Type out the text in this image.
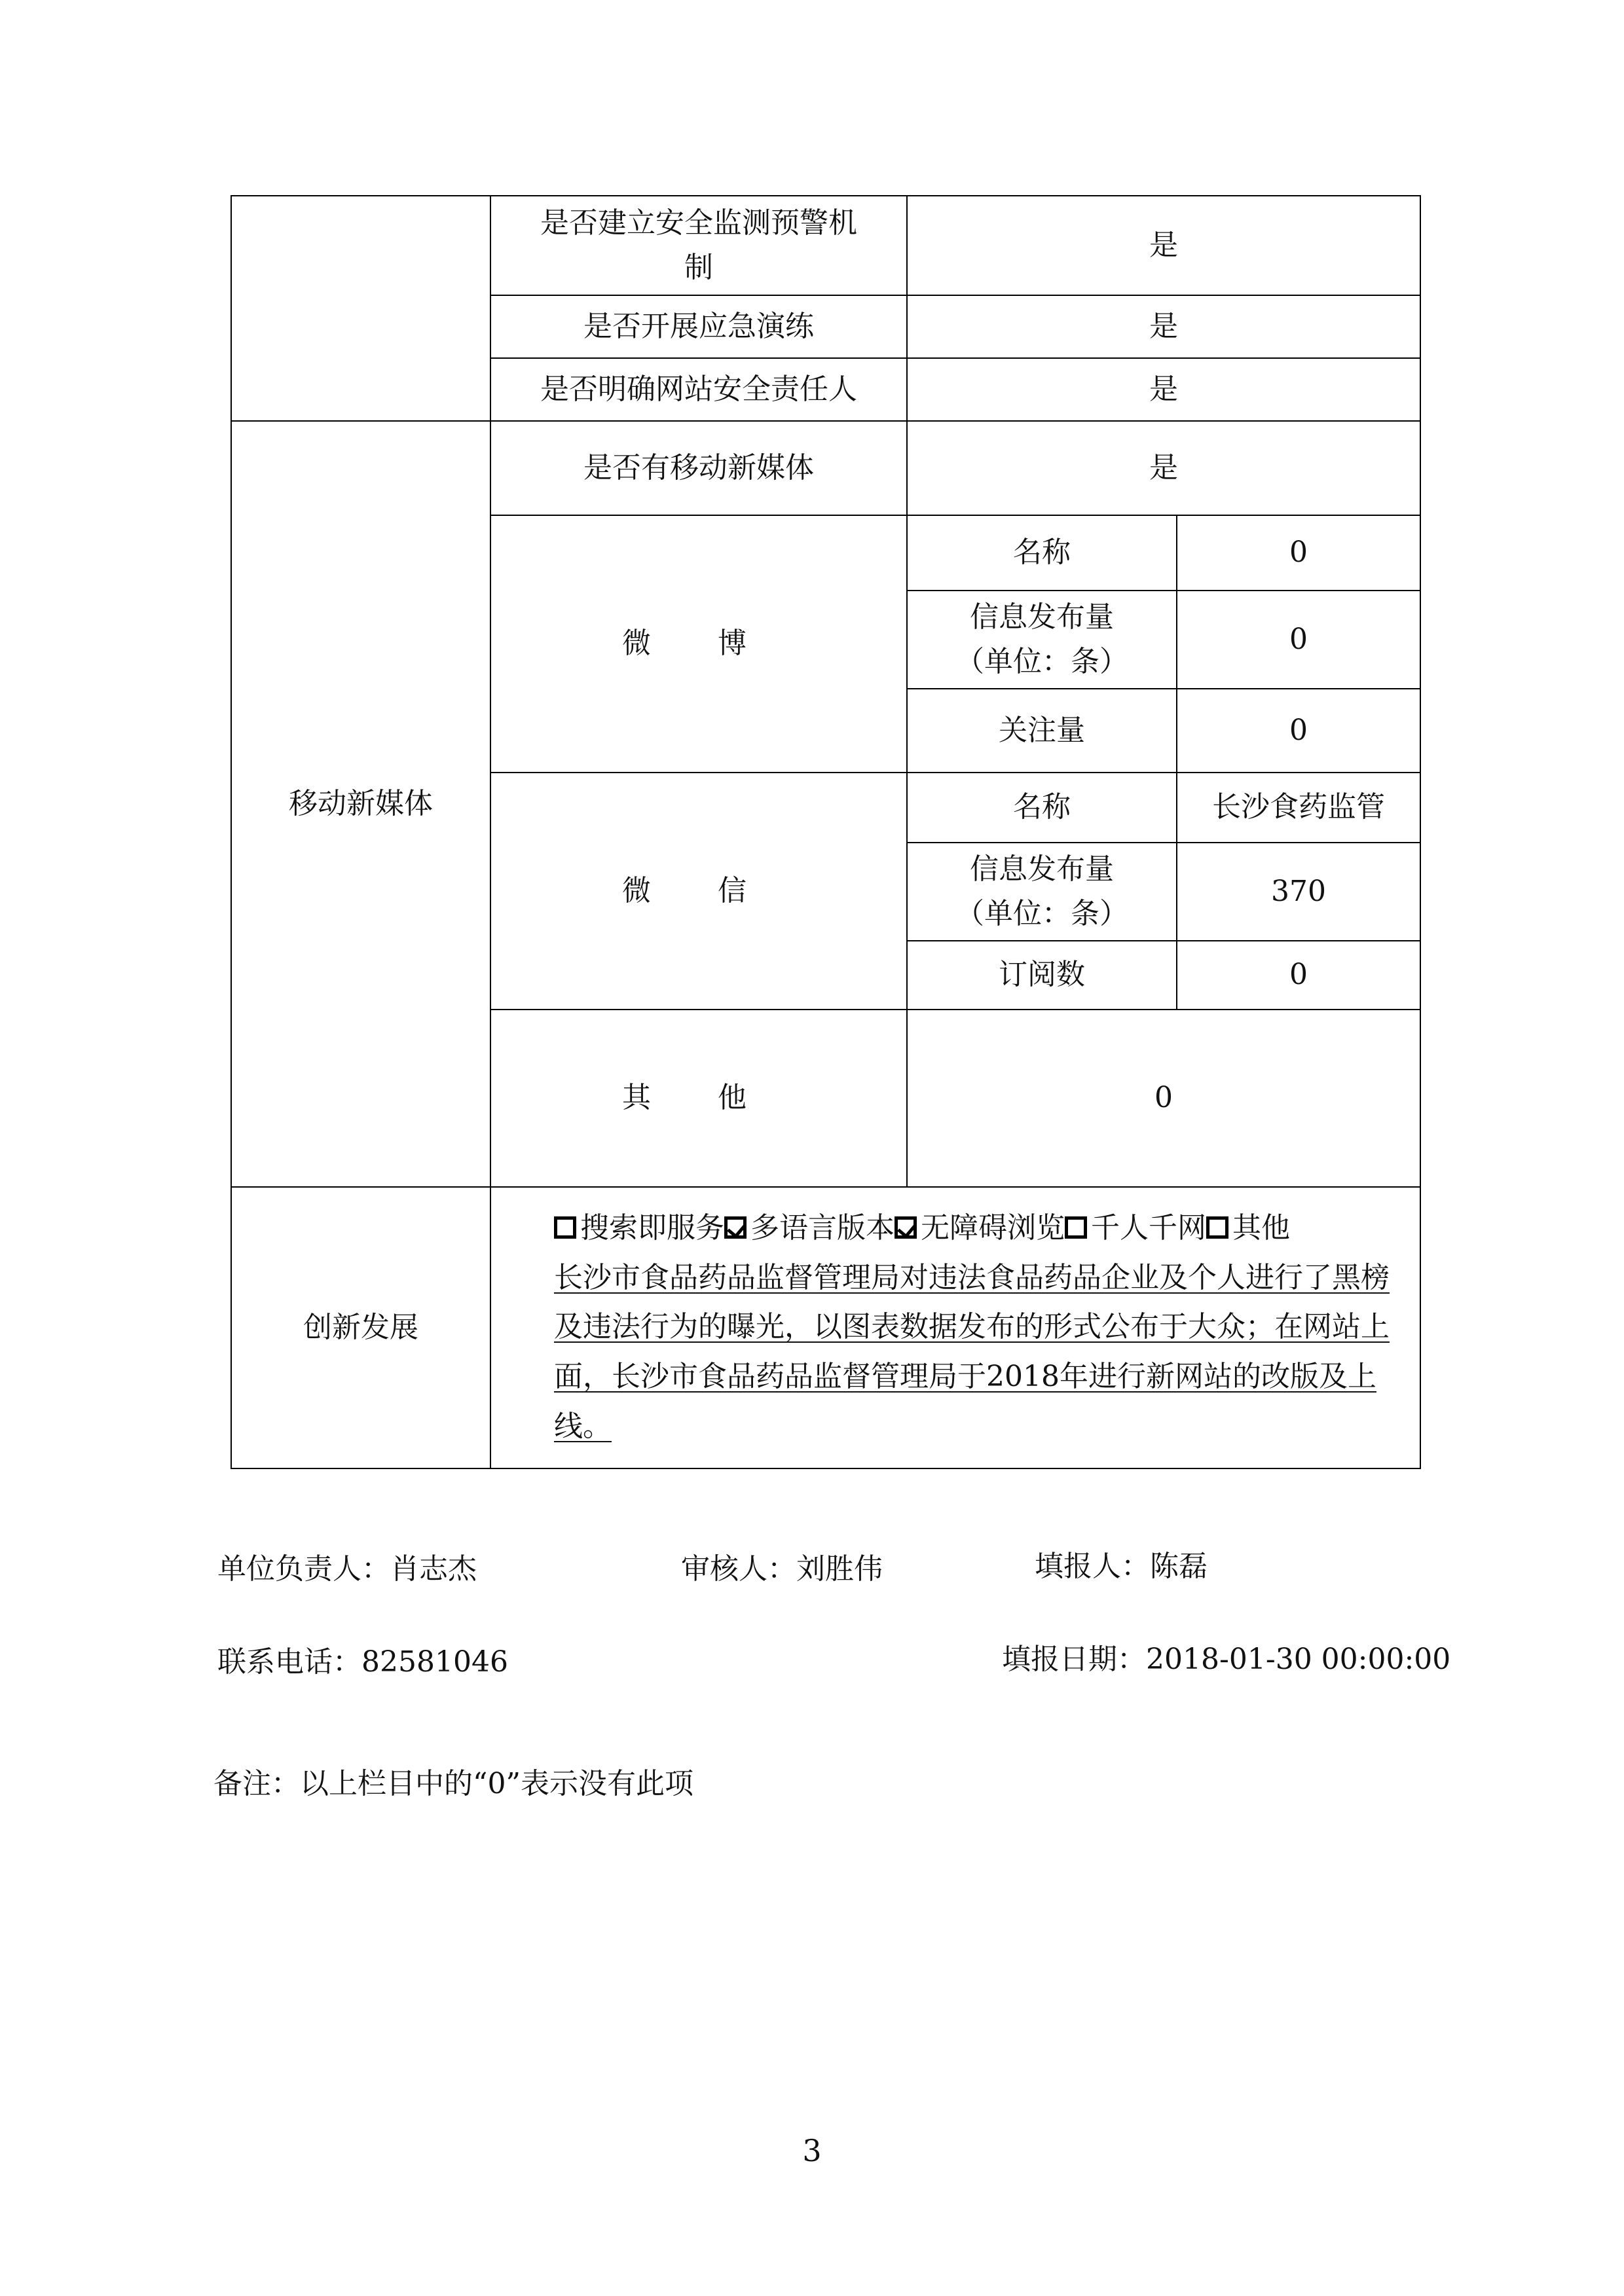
	是否建立安全监测预警机制	是	
	是否开展应急演练	是	
	是否明确网站安全责任人	是	
移动新媒体	是否有移动新媒体	是	
	微 博	名称	0
		信息发布量（单位：条）	0
		关注量	0
	微 信	名称	长沙食药监管
		信息发布量（单位：条）	370
		订阅数	0
	其 他	0	
创新发展	搜索即服务 多语言版本 无障碍浏览 千人千网 其他
长沙市食品药品监督管理局对违法食品药品企业及个人进行了黑榜及违法行为的曝光，以图表数据发布的形式公布于大众；在网站上面，长沙市食品药品监督管理局于2018年进行新网站的改版及上线。		
单位负责人：肖志杰	审核人：刘胜伟	填报人：陈磊
联系电话：82581046	填报日期：2018-01-30 00:00:00
备注：以上栏目中的“0”表示没有此项
3
